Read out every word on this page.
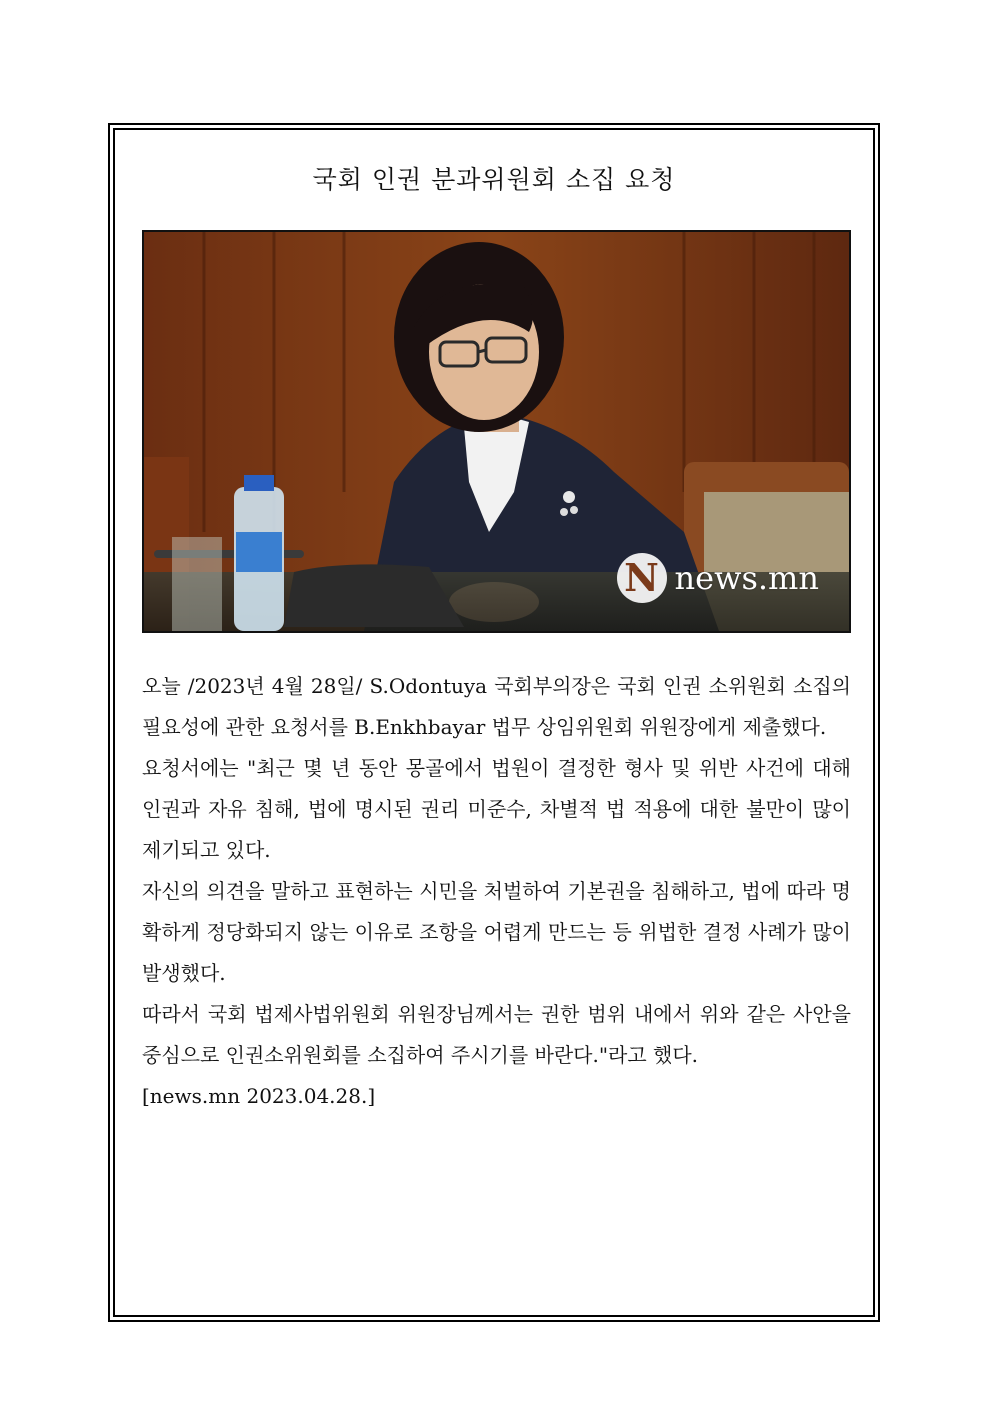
국회 인권 분과위원회 소집 요청
N news.mn

오늘 /2023년 4월 28일/ S.Odontuya 국회부의장은 국회 인권 소위원회 소집의 필요성에 관한 요청서를 B.Enkhbayar 법무 상임위원회 위원장에게 제출했다.

요청서에는 "최근 몇 년 동안 몽골에서 법원이 결정한 형사 및 위반 사건에 대해 인권과 자유 침해, 법에 명시된 권리 미준수, 차별적 법 적용에 대한 불만이 많이 제기되고 있다.

자신의 의견을 말하고 표현하는 시민을 처벌하여 기본권을 침해하고, 법에 따라 명확하게 정당화되지 않는 이유로 조항을 어렵게 만드는 등 위법한 결정 사례가 많이 발생했다.

따라서 국회 법제사법위원회 위원장님께서는 권한 범위 내에서 위와 같은 사안을 중심으로 인권소위원회를 소집하여 주시기를 바란다."라고 했다.

[news.mn 2023.04.28.]
